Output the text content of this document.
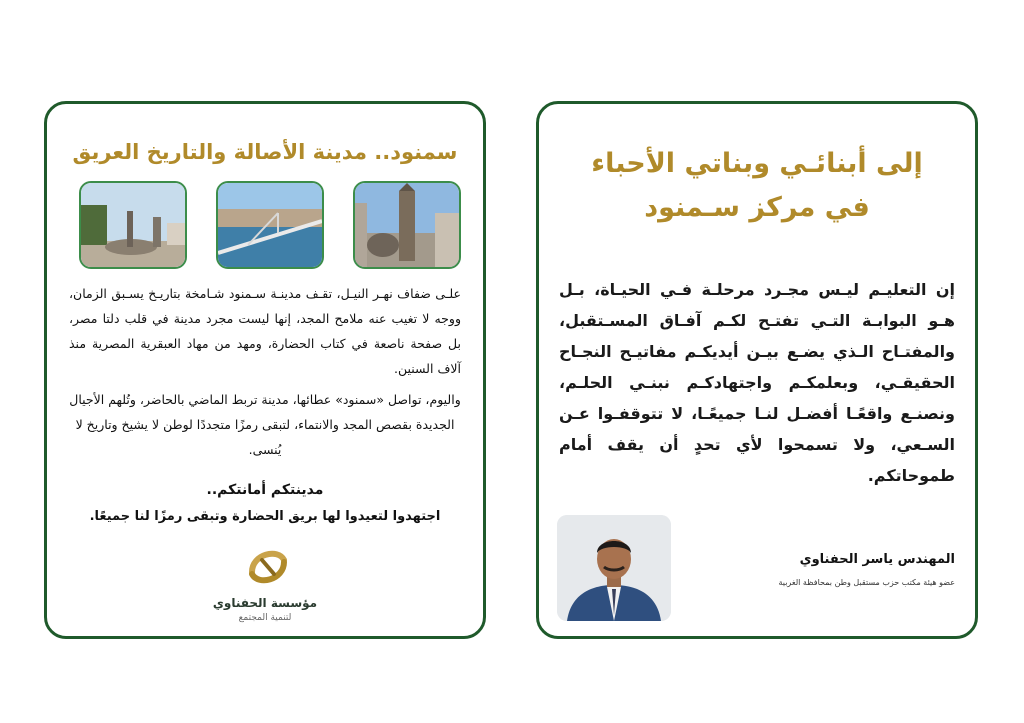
سمنود.. مدينة الأصالة والتاريخ العريق
علـى ضفاف نهـر النيـل، تقـف مدينـة سـمنود شـامخة بتاريـخ يسـبق الزمان، ووجه لا تغيب عنه ملامح المجد، إنها ليست مجرد مدينة في قلب دلتا مصر، بل صفحة ناصعة في كتاب الحضارة، ومهد من مهاد العبقرية المصرية منذ آلاف السنين.
واليوم، تواصل «سمنود» عطائها، مدينة تربط الماضي بالحاضر، وتُلهم الأجيال الجديدة بقصص المجد والانتماء، لتبقى رمزًا متجددًا لوطن لا يشيخ وتاريخ لا يُنسى.
مدينتكم أمانتكم..
اجتهدوا لتعيدوا لها بريق الحضارة وتبقى رمزًا لنا جميعًا.
مؤسسة الحفناوي
لتنمية المجتمع
إلى أبنائـي وبناتي الأحباء
في مركز سـمنود
إن التعليـم ليـس مجـرد مرحلـة فـي الحيـاة، بـل هـو البوابـة التـي تفتـح لكـم آفـاق المسـتقبل، والمفتـاح الـذي يضـع بيـن أيديكـم مفاتيـح النجـاح الحقيقـي، وبعلمكـم واجتهادكـم نبنـي الحلـم، ونصنـع واقعًـا أفضـل لنـا جميعًـا، لا تتوقفـوا عـن السـعي، ولا تسمحوا لأي تحدٍ أن يقف أمام طموحاتكم.
المهندس ياسر الحفناوي
عضو هيئة مكتب حزب مستقبل وطن بمحافظة الغربية
